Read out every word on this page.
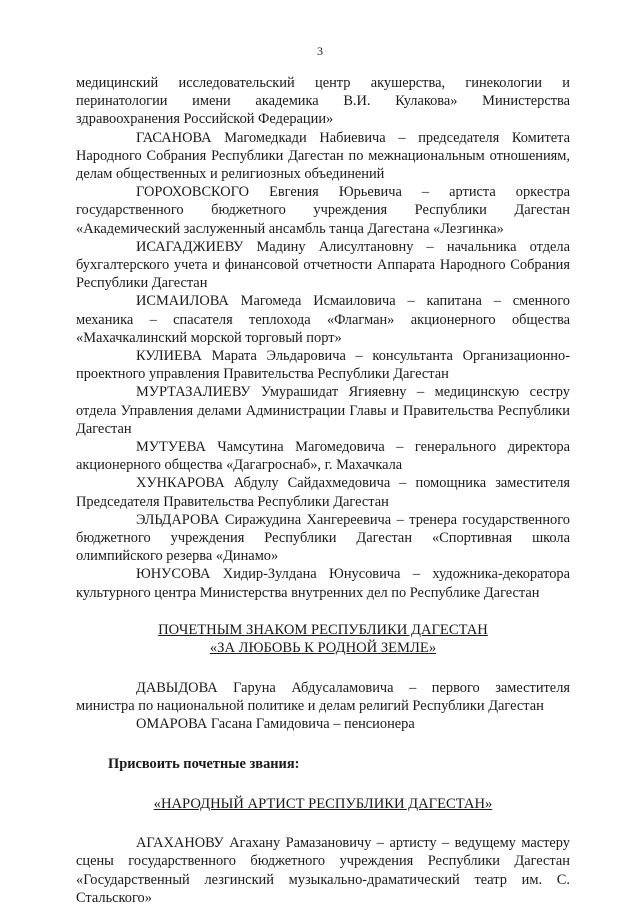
3

медицинский исследовательский центр акушерства, гинекологии и перинатологии имени академика В.И. Кулакова» Министерства здравоохранения Российской Федерации»

ГАСАНОВА Магомедкади Набиевича – председателя Комитета Народного Собрания Республики Дагестан по межнациональным отношениям, делам общественных и религиозных объединений

ГОРОХОВСКОГО Евгения Юрьевича – артиста оркестра государственного бюджетного учреждения Республики Дагестан «Академический заслуженный ансамбль танца Дагестана «Лезгинка»

ИСАГАДЖИЕВУ Мадину Алисултановну – начальника отдела бухгалтерского учета и финансовой отчетности Аппарата Народного Собрания Республики Дагестан

ИСМАИЛОВА Магомеда Исмаиловича – капитана – сменного механика – спасателя теплохода «Флагман» акционерного общества «Махачкалинский морской торговый порт»

КУЛИЕВА Марата Эльдаровича – консультанта Организационно-проектного управления Правительства Республики Дагестан

МУРТАЗАЛИЕВУ Умурашидат Ягияевну – медицинскую сестру отдела Управления делами Администрации Главы и Правительства Республики Дагестан

МУТУЕВА Чамсутина Магомедовича – генерального директора акционерного общества «Дагагроснаб», г. Махачкала

ХУНКАРОВА Абдулу Сайдахмедовича – помощника заместителя Председателя Правительства Республики Дагестан

ЭЛЬДАРОВА Сиражудина Хангереевича – тренера государственного бюджетного учреждения Республики Дагестан «Спортивная школа олимпийского резерва «Динамо»

ЮНУСОВА Хидир-Зулдана Юнусовича – художника-декоратора культурного центра Министерства внутренних дел по Республике Дагестан

ПОЧЕТНЫМ ЗНАКОМ РЕСПУБЛИКИ ДАГЕСТАН

«ЗА ЛЮБОВЬ К РОДНОЙ ЗЕМЛЕ»

ДАВЫДОВА Гаруна Абдусаламовича – первого заместителя министра по национальной политике и делам религий Республики Дагестан

ОМАРОВА Гасана Гамидовича – пенсионера

Присвоить почетные звания:

«НАРОДНЫЙ АРТИСТ РЕСПУБЛИКИ ДАГЕСТАН»

АГАХАНОВУ Агахану Рамазановичу – артисту – ведущему мастеру сцены государственного бюджетного учреждения Республики Дагестан «Государственный лезгинский музыкально-драматический театр им. С. Стальского»
